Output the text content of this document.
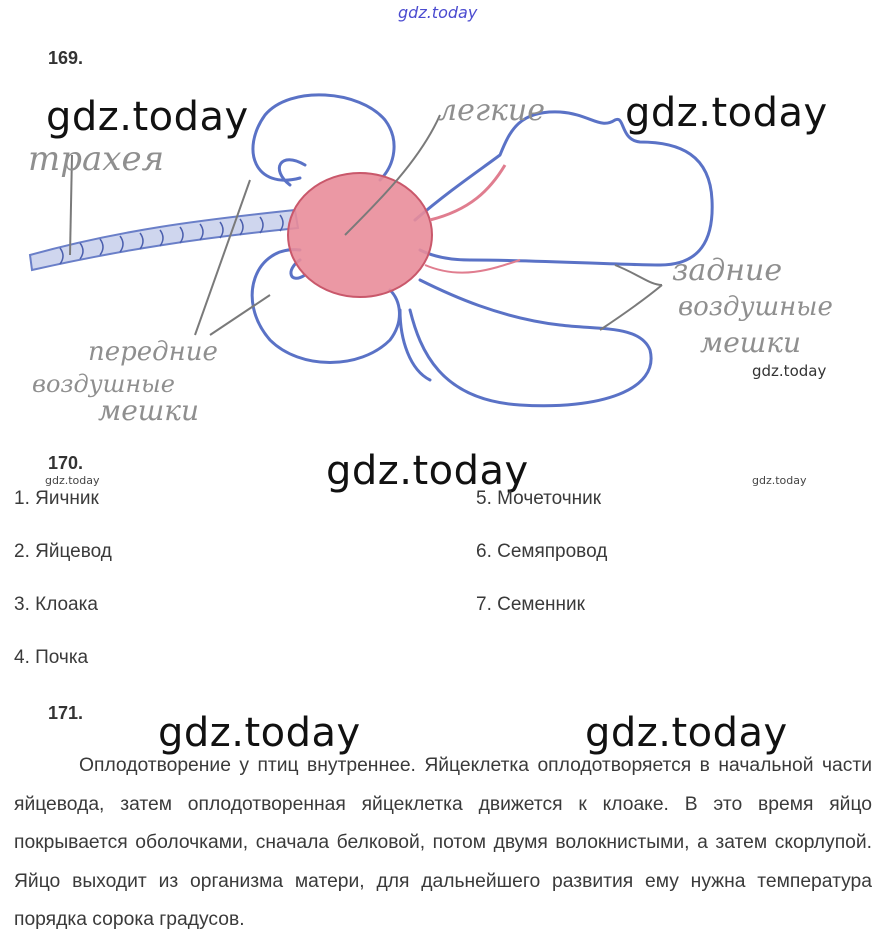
gdz.today
169.
трахея
легкие
задние
воздушные
мешки
передние
воздушные
мешки
gdz.today	gdz.today
gdz.today
170.
gdz.today	gdz.today	gdz.today
1. Яичник
2. Яйцевод
3. Клоака
4. Почка
5. Мочеточник
6. Семяпровод
7. Семенник
171. gdz.today	gdz.today

Оплодотворение у птиц внутреннее. Яйцеклетка оплодотворяется в начальной части яйцевода, затем оплодотворенная яйцеклетка движется к клоаке. В это время яйцо покрывается оболочками, сначала белковой, потом двумя волокнистыми, а затем скорлупой. Яйцо выходит из организма матери, для дальнейшего развития ему нужна температура порядка сорока градусов.
